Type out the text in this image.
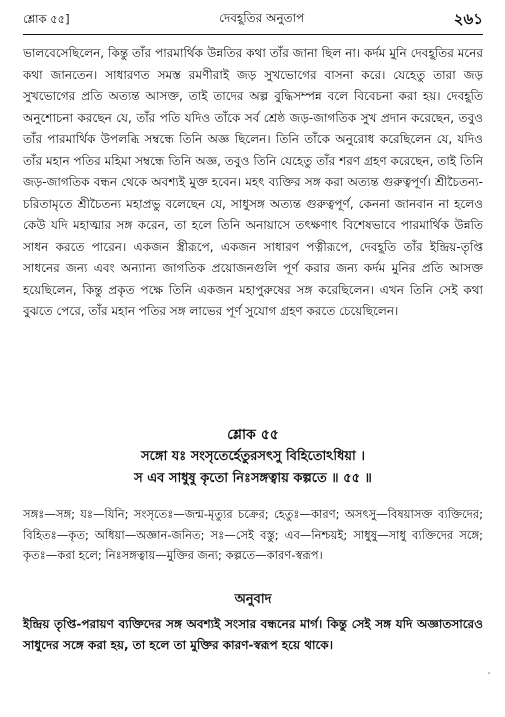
শ্লোক ৫৫]	দেবহূতির অনুতাপ	২৬১

ভালবেসেছিলেন, কিন্তু তাঁর পারমার্থিক উন্নতির কথা তাঁর জানা ছিল না। কর্দম মুনি দেবহূতির মনের কথা জানতেন। সাধারণত সমস্ত রমণীরাই জড় সুখভোগের বাসনা করে। যেহেতু তারা জড় সুখভোগের প্রতি অত্যন্ত আসক্ত, তাই তাদের অল্প বুদ্ধিসম্পন্ন বলে বিবেচনা করা হয়। দেবহূতি অনুশোচনা করছেন যে, তাঁর পতি যদিও তাঁকে সর্ব শ্রেষ্ঠ জড়-জাগতিক সুখ প্রদান করেছেন, তবুও তাঁর পারমার্থিক উপলব্ধি সম্বন্ধে তিনি অজ্ঞ ছিলেন। তিনি তাঁকে অনুরোধ করেছিলেন যে, যদিও তাঁর মহান পতির মহিমা সম্বন্ধে তিনি অজ্ঞ, তবুও তিনি যেহেতু তাঁর শরণ গ্রহণ করেছেন, তাই তিনি জড়-জাগতিক বন্ধন থেকে অবশ্যই মুক্ত হবেন। মহৎ ব্যক্তির সঙ্গ করা অত্যন্ত গুরুত্বপূর্ণ। শ্রীচৈতন্য-চরিতামৃতে শ্রীচৈতন্য মহাপ্রভু বলেছেন যে, সাধুসঙ্গ অত্যন্ত গুরুত্বপূর্ণ, কেননা জানবান না হলেও কেউ যদি মহাত্মার সঙ্গ করেন, তা হলে তিনি অনায়াসে তৎক্ষণাৎ বিশেষভাবে পারমার্থিক উন্নতি সাধন করতে পারেন। একজন স্ত্রীরূপে, একজন সাধারণ পত্নীরূপে, দেবহূতি তাঁর ইন্দ্রিয়-তৃপ্তি সাধনের জন্য এবং অন্যান্য জাগতিক প্রয়োজনগুলি পূর্ণ করার জন্য কর্দম মুনির প্রতি আসক্ত হয়েছিলেন, কিন্তু প্রকৃত পক্ষে তিনি একজন মহাপুরুষের সঙ্গ করেছিলেন। এখন তিনি সেই কথা বুঝতে পেরে, তাঁর মহান পতির সঙ্গ লাভের পূর্ণ সুযোগ গ্রহণ করতে চেয়েছিলেন।

শ্লোক ৫৫
সঙ্গো যঃ সংসৃতের্হেতুরসৎসু বিহিতোঽধিয়া ।
স এব সাধুষু কৃতো নিঃসঙ্গত্বায় কল্পতে ॥ ৫৫ ॥

সঙ্গঃ—সঙ্গ; যঃ—যিনি; সংসৃতেঃ—জন্ম-মৃত্যুর চক্রের; হেতুঃ—কারণ; অসৎসু—বিষয়াসক্ত ব্যক্তিদের; বিহিতঃ—কৃত; অধিয়া—অজ্ঞান-জনিত; সঃ—সেই বস্তু; এব—নিশ্চয়ই; সাধুষু—সাধু ব্যক্তিদের সঙ্গে; কৃতঃ—করা হলে; নিঃসঙ্গত্বায়—মুক্তির জন্য; কল্পতে—কারণ-স্বরূপ।

অনুবাদ

ইন্দ্রিয় তৃপ্তি-পরায়ণ ব্যক্তিদের সঙ্গ অবশ্যই সংসার বন্ধনের মার্গ। কিন্তু সেই সঙ্গ যদি অজ্ঞাতসারেও সাধুদের সঙ্গে করা হয়, তা হলে তা মুক্তির কারণ-স্বরূপ হয়ে থাকে।

ˊ
